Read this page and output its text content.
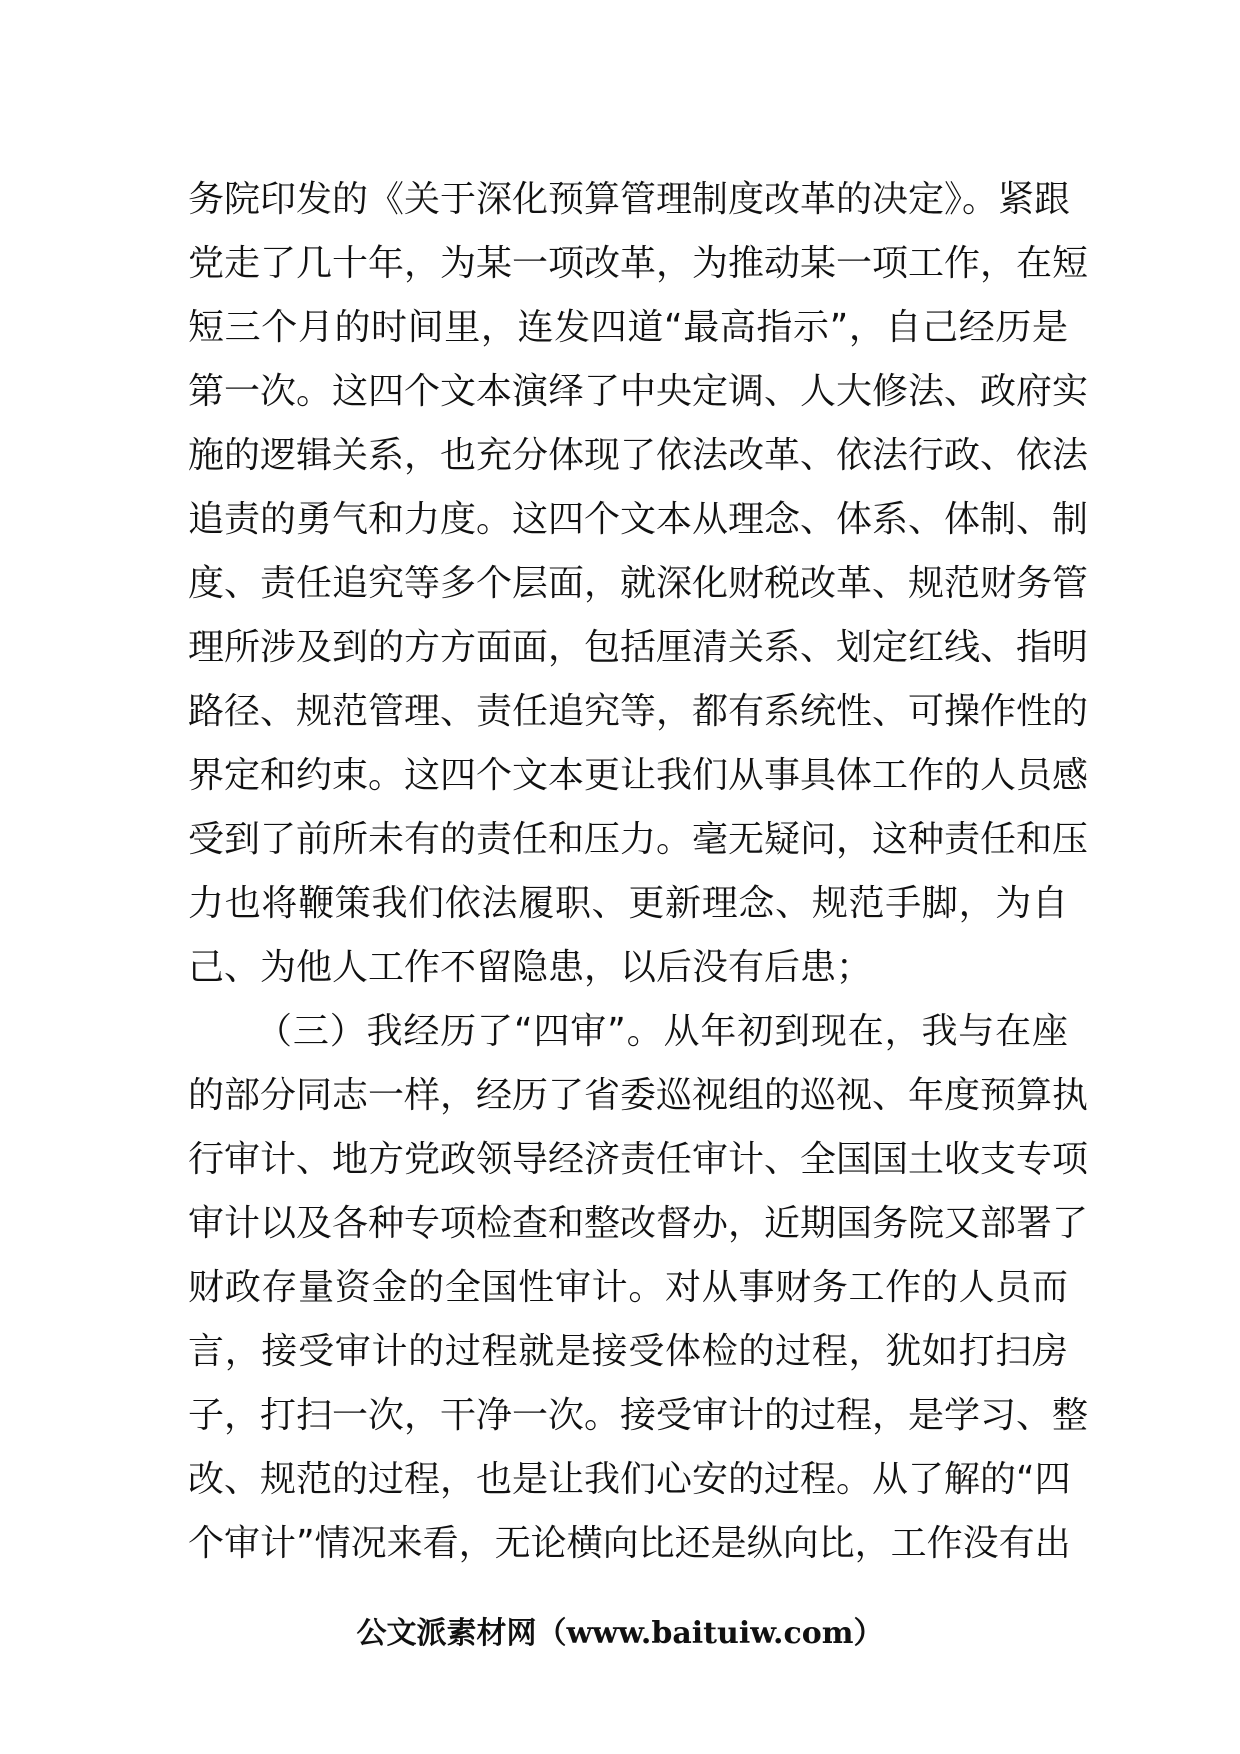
务院印发的《关于深化预算管理制度改革的决定》。紧跟
党走了几十年，为某一项改革，为推动某一项工作，在短
短三个月的时间里，连发四道“最高指示”，自己经历是
第一次。这四个文本演绎了中央定调、人大修法、政府实
施的逻辑关系，也充分体现了依法改革、依法行政、依法
追责的勇气和力度。这四个文本从理念、体系、体制、制
度、责任追究等多个层面，就深化财税改革、规范财务管
理所涉及到的方方面面，包括厘清关系、划定红线、指明
路径、规范管理、责任追究等，都有系统性、可操作性的
界定和约束。这四个文本更让我们从事具体工作的人员感
受到了前所未有的责任和压力。毫无疑问，这种责任和压
力也将鞭策我们依法履职、更新理念、规范手脚，为自
己、为他人工作不留隐患，以后没有后患；
（三）我经历了“四审”。从年初到现在，我与在座
的部分同志一样，经历了省委巡视组的巡视、年度预算执
行审计、地方党政领导经济责任审计、全国国土收支专项
审计以及各种专项检查和整改督办，近期国务院又部署了
财政存量资金的全国性审计。对从事财务工作的人员而
言，接受审计的过程就是接受体检的过程，犹如打扫房
子，打扫一次，干净一次。接受审计的过程，是学习、整
改、规范的过程，也是让我们心安的过程。从了解的“四
个审计”情况来看，无论横向比还是纵向比，工作没有出
公文派素材网（www.baituiw.com）
